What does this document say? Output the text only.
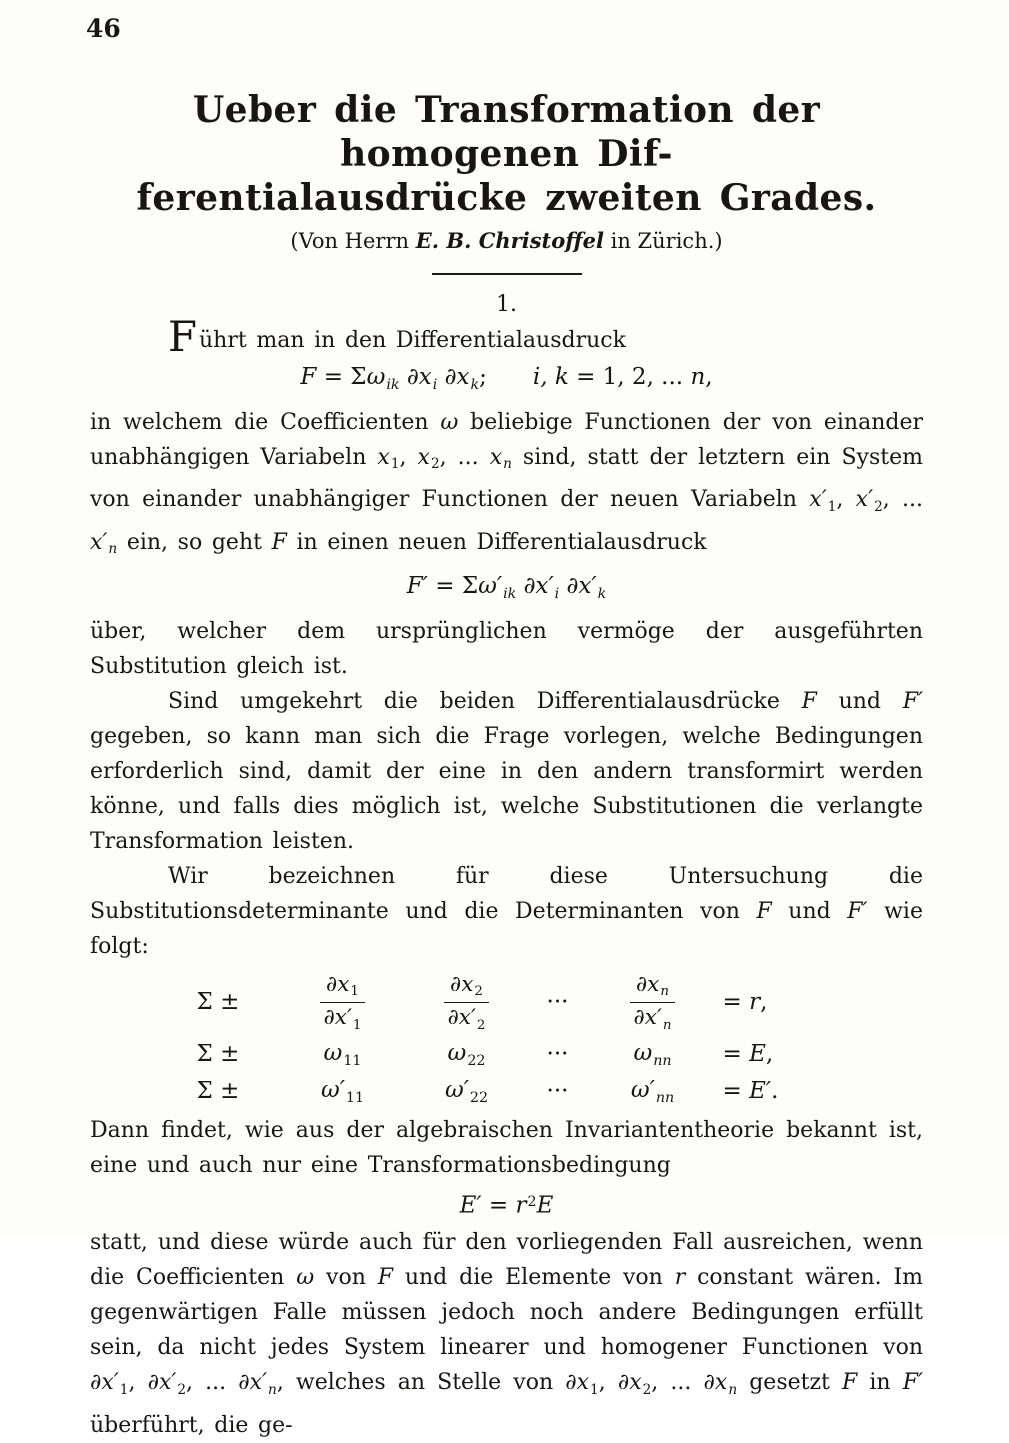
46
Ueber die Transformation der homogenen Dif-
ferentialausdrücke zweiten Grades.
(Von Herrn E. B. Christoffel in Zürich.)
1.

Führt man in den Differentialausdruck

$F = \Sigma\omega_{ik}$ $\partial x_i$ $\partial x_k$;   i, k = 1, 2, ... n,

in welchem die Coefficienten ω beliebige Functionen der von einander unabhängigen Variabeln $x_1$, $x_2$, ... $x_n$ sind, statt der letztern ein System von einander unabhängiger Functionen der neuen Variabeln $x'_1$, $x'_2$, ... $x'_n$ ein, so geht F in einen neuen Differentialausdruck

$F' = \Sigma\omega'_{ik}$ $\partial x'_i$ $\partial x'_k$

über, welcher dem ursprünglichen vermöge der ausgeführten Substitution gleich ist.

Sind umgekehrt die beiden Differentialausdrücke F und F′ gegeben, so kann man sich die Frage vorlegen, welche Bedingungen erforderlich sind, damit der eine in den andern transformirt werden könne, und falls dies möglich ist, welche Substitutionen die verlangte Transformation leisten.

Wir bezeichnen für diese Untersuchung die Substitutionsdeterminante und die Determinanten von F und F′ wie folgt:

Σ ±	$\frac{\partial x_1}{\partial x'_1}$	$\frac{\partial x_2}{\partial x'_2}$	···	$\frac{\partial x_n}{\partial x'_n} = r$,
Σ ±	$\omega_{11}$	$\omega_{22}$	···	$\omega_{nn}$	= E,
Σ ±	$\omega'_{11}$	$\omega'_{22}$	···	$\omega'_{nn}$	= E′.

Dann findet, wie aus der algebraischen Invariantentheorie bekannt ist, eine und auch nur eine Transformationsbedingung

$E' = r^2E$

statt, und diese würde auch für den vorliegenden Fall ausreichen, wenn die Coefficienten ω von F und die Elemente von r constant wären. Im gegenwärtigen Falle müssen jedoch noch andere Bedingungen erfüllt sein, da nicht jedes System linearer und homogener Functionen von $\partial x'_1$, $\partial x'_2$, ... $\partial x'_n$, welches an Stelle von $\partial x_1$, $\partial x_2$, ... $\partial x_n$ gesetzt F in F′ überführt, die ge-
